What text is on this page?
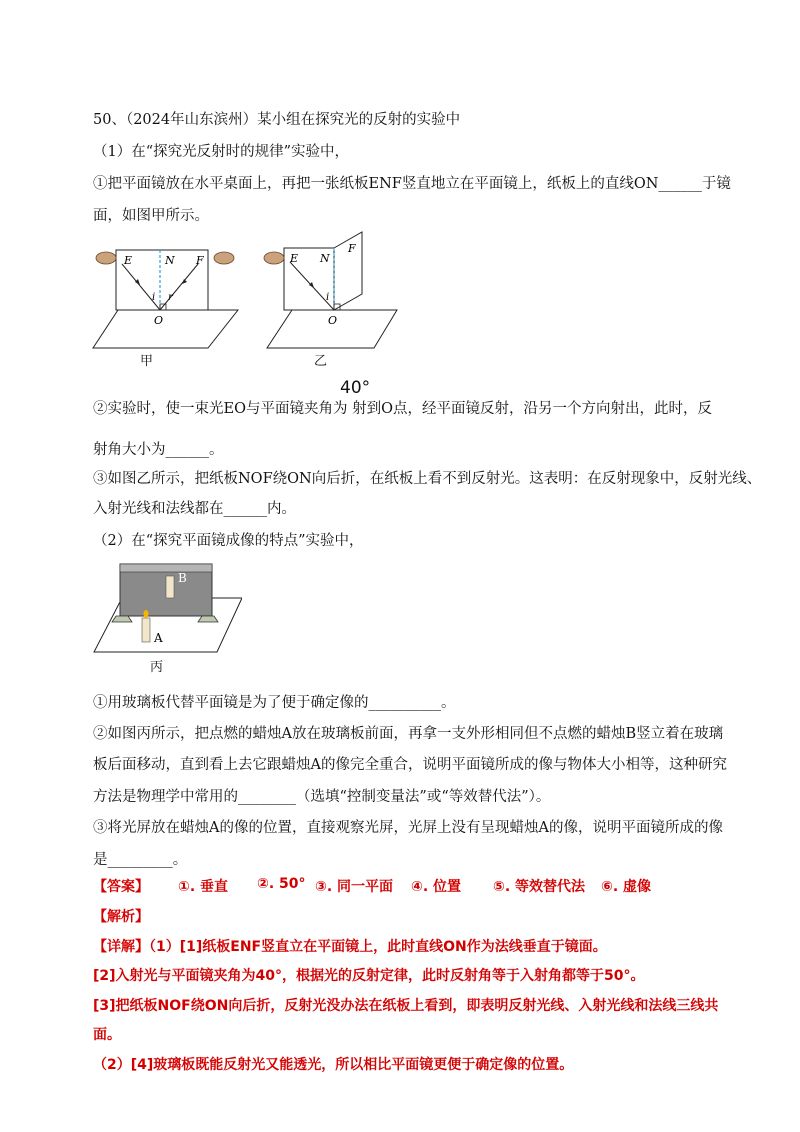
50、（2024年山东滨州）某小组在探究光的反射的实验中
（1）在“探究光反射时的规律”实验中，
①把平面镜放在水平桌面上，再把一张纸板ENF竖直地立在平面镜上，纸板上的直线ON______于镜
面，如图甲所示。
E	N F
i r
O
甲
E N
F
i
O
乙
40°
②实验时，使一束光EO与平面镜夹角为 射到O点，经平面镜反射，沿另一个方向射出，此时，反
射角大小为______。
③如图乙所示，把纸板NOF绕ON向后折，在纸板上看不到反射光。这表明：在反射现象中，反射光线、
入射光线和法线都在______内。
（2）在“探究平面镜成像的特点”实验中，
B
A
丙
①用玻璃板代替平面镜是为了便于确定像的__________。
②如图丙所示，把点燃的蜡烛A放在玻璃板前面，再拿一支外形相同但不点燃的蜡烛B竖立着在玻璃
板后面移动，直到看上去它跟蜡烛A的像完全重合，说明平面镜所成的像与物体大小相等，这种研究
方法是物理学中常用的________（选填“控制变量法”或“等效替代法”）。
③将光屏放在蜡烛A的像的位置，直接观察光屏，光屏上没有呈现蜡烛A的像，说明平面镜所成的像
是_________。
【答案】 ①. 垂直 ②. 50° ③. 同一平面 ④. 位置 ⑤. 等效替代法 ⑥. 虚像
【解析】
【详解】（1）[1]纸板ENF竖直立在平面镜上，此时直线ON作为法线垂直于镜面。
[2]入射光与平面镜夹角为40°，根据光的反射定律，此时反射角等于入射角都等于50°。
[3]把纸板NOF绕ON向后折，反射光没办法在纸板上看到，即表明反射光线、入射光线和法线三线共
面。
（2）[4]玻璃板既能反射光又能透光，所以相比平面镜更便于确定像的位置。
